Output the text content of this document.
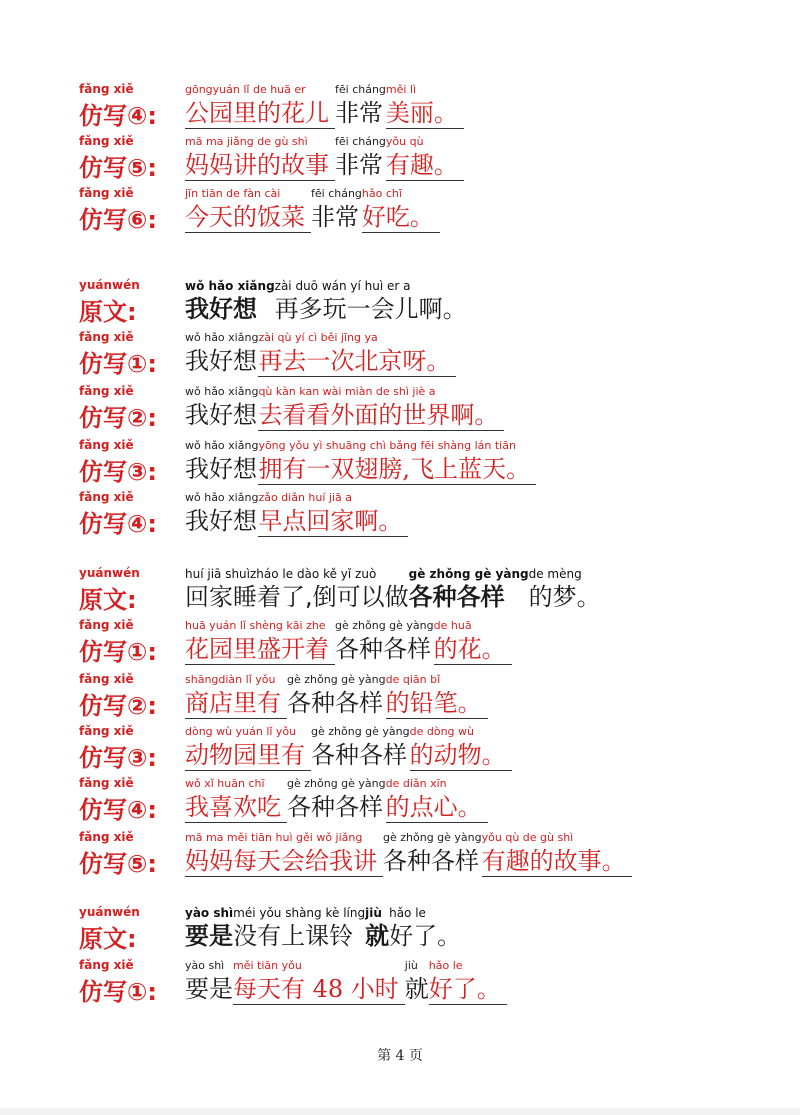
fǎng xiě
仿写④:
gōngyuán lǐ de huā er
公园里的花儿
fēi cháng
非常
měi lì
美丽。
fǎng xiě
仿写⑤:
mā ma jiǎng de gù shì
妈妈讲的故事
fēi cháng
非常
yǒu qù
有趣。
fǎng xiě
仿写⑥:
jīn tiān de fàn cài
今天的饭菜
fēi cháng
非常
hǎo chī
好吃。
yuánwén
原文:
wǒ hǎo xiǎng
我好想
zài duō wán yí huì er a
再多玩一会儿啊。
fǎng xiě
仿写①:
wǒ hǎo xiǎng
我好想
zài qù yí cì běi jīng ya
再去一次北京呀。
fǎng xiě
仿写②:
wǒ hǎo xiǎng
我好想
qù kàn kan wài miàn de shì jiè a
去看看外面的世界啊。
fǎng xiě
仿写③:
wǒ hǎo xiǎng
我好想
yōng yǒu yì shuāng chì bǎng fēi shàng lán tiān
拥有一双翅膀,飞上蓝天。
fǎng xiě
仿写④:
wǒ hǎo xiǎng
我好想
zǎo diǎn huí jiā a
早点回家啊。
yuánwén
原文:
huí jiā shuìzháo le dào kě yǐ zuò
回家睡着了,倒可以做
gè zhǒng gè yàng
各种各样
de mèng
的梦。
fǎng xiě
仿写①:
huā yuán lǐ shèng kāi zhe
花园里盛开着
gè zhǒng gè yàng
各种各样
de huā
的花。
fǎng xiě
仿写②:
shāngdiàn lǐ yǒu
商店里有
gè zhǒng gè yàng
各种各样
de qiān bǐ
的铅笔。
fǎng xiě
仿写③:
dòng wù yuán lǐ yǒu
动物园里有
gè zhǒng gè yàng
各种各样
de dòng wù
的动物。
fǎng xiě
仿写④:
wǒ xǐ huān chī
我喜欢吃
gè zhǒng gè yàng
各种各样
de diǎn xīn
的点心。
fǎng xiě
仿写⑤:
mā ma měi tiān huì gěi wǒ jiǎng
妈妈每天会给我讲
gè zhǒng gè yàng
各种各样
yǒu qù de gù shì
有趣的故事。
yuánwén
原文:
yào shì
要是
méi yǒu shàng kè líng
没有上课铃
jiù
就
hǎo le
好了。
fǎng xiě
仿写①:
yào shì
要是
měi tiān yǒu
每天有 48 小时
jiù
就
hǎo le
好了。
第 4 页
